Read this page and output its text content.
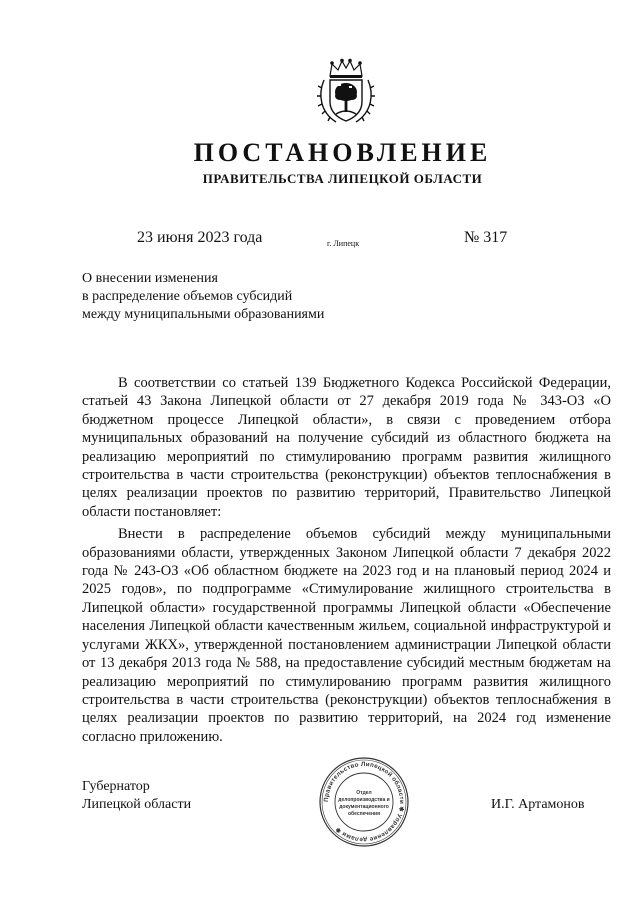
ПОСТАНОВЛЕНИЕ
ПРАВИТЕЛЬСТВА ЛИПЕЦКОЙ ОБЛАСТИ
23 июня 2023 года	г. Липецк	№ 317
О внесении изменения
в распределение объемов субсидий
между муниципальными образованиями

В соответствии со статьей 139 Бюджетного Кодекса Российской Федерации, статьей 43 Закона Липецкой области от 27 декабря 2019 года № 343-ОЗ «О бюджетном процессе Липецкой области», в связи с проведением отбора муниципальных образований на получение субсидий из областного бюджета на реализацию мероприятий по стимулированию программ развития жилищного строительства в части строительства (реконструкции) объектов теплоснабжения в целях реализации проектов по развитию территорий, Правительство Липецкой области постановляет:

Внести в распределение объемов субсидий между муниципальными образованиями области, утвержденных Законом Липецкой области 7 декабря 2022 года № 243-ОЗ «Об областном бюджете на 2023 год и на плановый период 2024 и 2025 годов», по подпрограмме «Стимулирование жилищного строительства в Липецкой области» государственной программы Липецкой области «Обеспечение населения Липецкой области качественным жильем, социальной инфраструктурой и услугами ЖКХ», утвержденной постановлением администрации Липецкой области от 13 декабря 2013 года № 588, на предоставление субсидий местным бюджетам на реализацию мероприятий по стимулированию программ развития жилищного строительства в части строительства (реконструкции) объектов теплоснабжения в целях реализации проектов по развитию территорий, на 2024 год изменение согласно приложению.

Губернатор
Липецкой области	Правительство Липецкой области ✱ Управление делами ✱
Отдел
делопроизводства и
документационного
обеспечения
И.Г. Артамонов
